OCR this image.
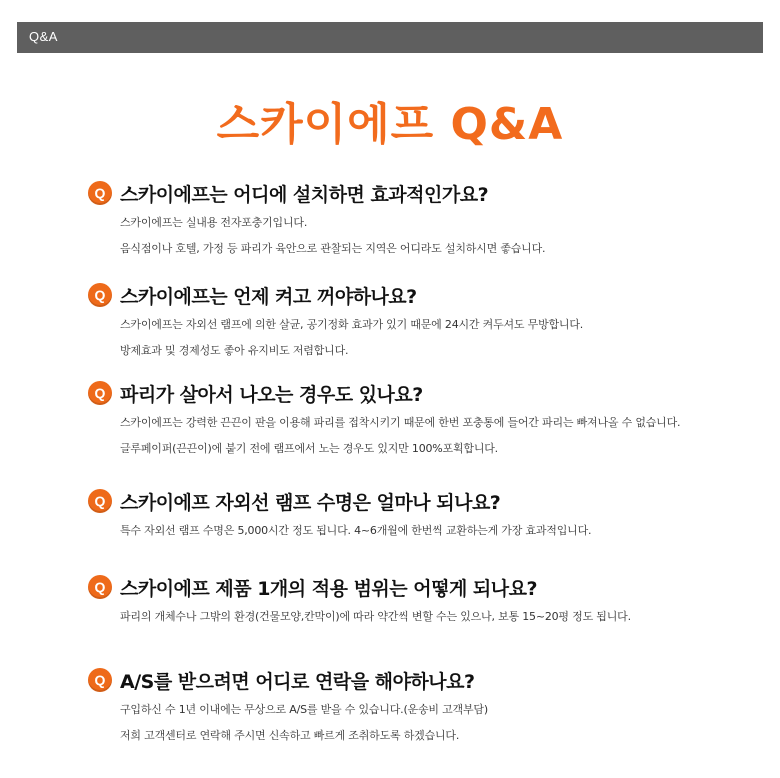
Q&A
스카이에프 Q&A
Q 스카이에프는 어디에 설치하면 효과적인가요?
스카이에프는 실내용 전자포충기입니다.
음식점이나 호텔, 가정 등 파리가 육안으로 관찰되는 지역은 어디라도 설치하시면 좋습니다.
Q 스카이에프는 언제 켜고 꺼야하나요?
스카이에프는 자외선 램프에 의한 살균, 공기정화 효과가 있기 때문에 24시간 켜두셔도 무방합니다.
방제효과 및 경제성도 좋아 유지비도 저렴합니다.
Q 파리가 살아서 나오는 경우도 있나요?
스카이에프는 강력한 끈끈이 판을 이용해 파리를 접착시키기 때문에 한번 포충통에 들어간 파리는 빠져나올 수 없습니다.
글루페이퍼(끈끈이)에 붙기 전에 램프에서 노는 경우도 있지만 100%포획합니다.
Q 스카이에프 자외선 램프 수명은 얼마나 되나요?
특수 자외선 램프 수명은 5,000시간 정도 됩니다. 4~6개월에 한번씩 교환하는게 가장 효과적입니다.
Q 스카이에프 제품 1개의 적용 범위는 어떻게 되나요?
파리의 개체수나 그밖의 환경(건물모양,칸막이)에 따라 약간씩 변할 수는 있으나, 보통 15~20평 정도 됩니다.
Q A/S를 받으려면 어디로 연락을 해야하나요?
구입하신 수 1년 이내에는 무상으로 A/S를 받을 수 있습니다.(운송비 고객부담)
저희 고객센터로 연락해 주시면 신속하고 빠르게 조취하도록 하겠습니다.
